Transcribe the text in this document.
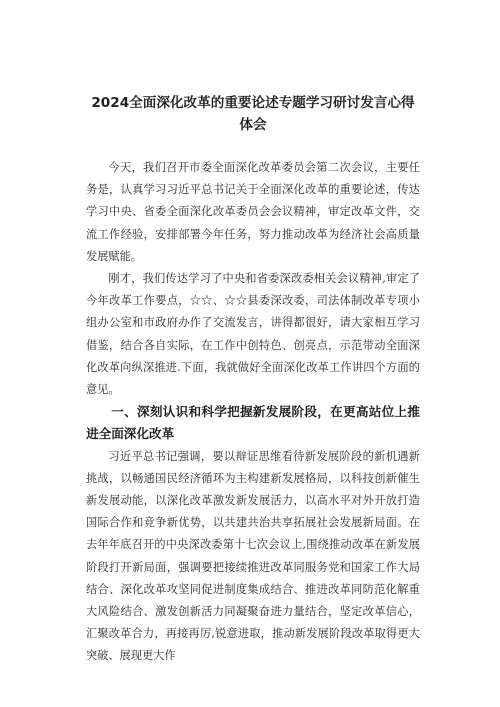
2024全面深化改革的重要论述专题学习研讨发言心得
体会

今天，我们召开市委全面深化改革委员会第二次会议，主要任务是，认真学习习近平总书记关于全面深化改革的重要论述，传达学习中央、省委全面深化改革委员会会议精神，审定改革文件，交流工作经验，安排部署今年任务，努力推动改革为经济社会高质量发展赋能。

刚才，我们传达学习了中央和省委深改委相关会议精神,审定了今年改革工作要点，☆☆、☆☆县委深改委，司法体制改革专项小组办公室和市政府办作了交流发言，讲得都很好，请大家相互学习借鉴，结合各自实际，在工作中创特色、创亮点，示范带动全面深化改革向纵深推进.下面，我就做好全面深化改革工作讲四个方面的意见。

一、深刻认识和科学把握新发展阶段，在更高站位上推进全面深化改革

习近平总书记强调，要以辩证思维看待新发展阶段的新机遇新挑战，以畅通国民经济循环为主构建新发展格局，以科技创新催生新发展动能，以深化改革激发新发展活力，以高水平对外开放打造国际合作和竞争新优势，以共建共治共享拓展社会发展新局面。在去年年底召开的中央深改委第十七次会议上,围绕推动改革在新发展阶段打开新局面，强调要把接续推进改革同服务党和国家工作大局结合、深化改革攻坚同促进制度集成结合、推进改革同防范化解重大风险结合、激发创新活力同凝聚奋进力量结合，坚定改革信心，汇聚改革合力，再接再厉,锐意进取，推动新发展阶段改革取得更大突破、展现更大作
